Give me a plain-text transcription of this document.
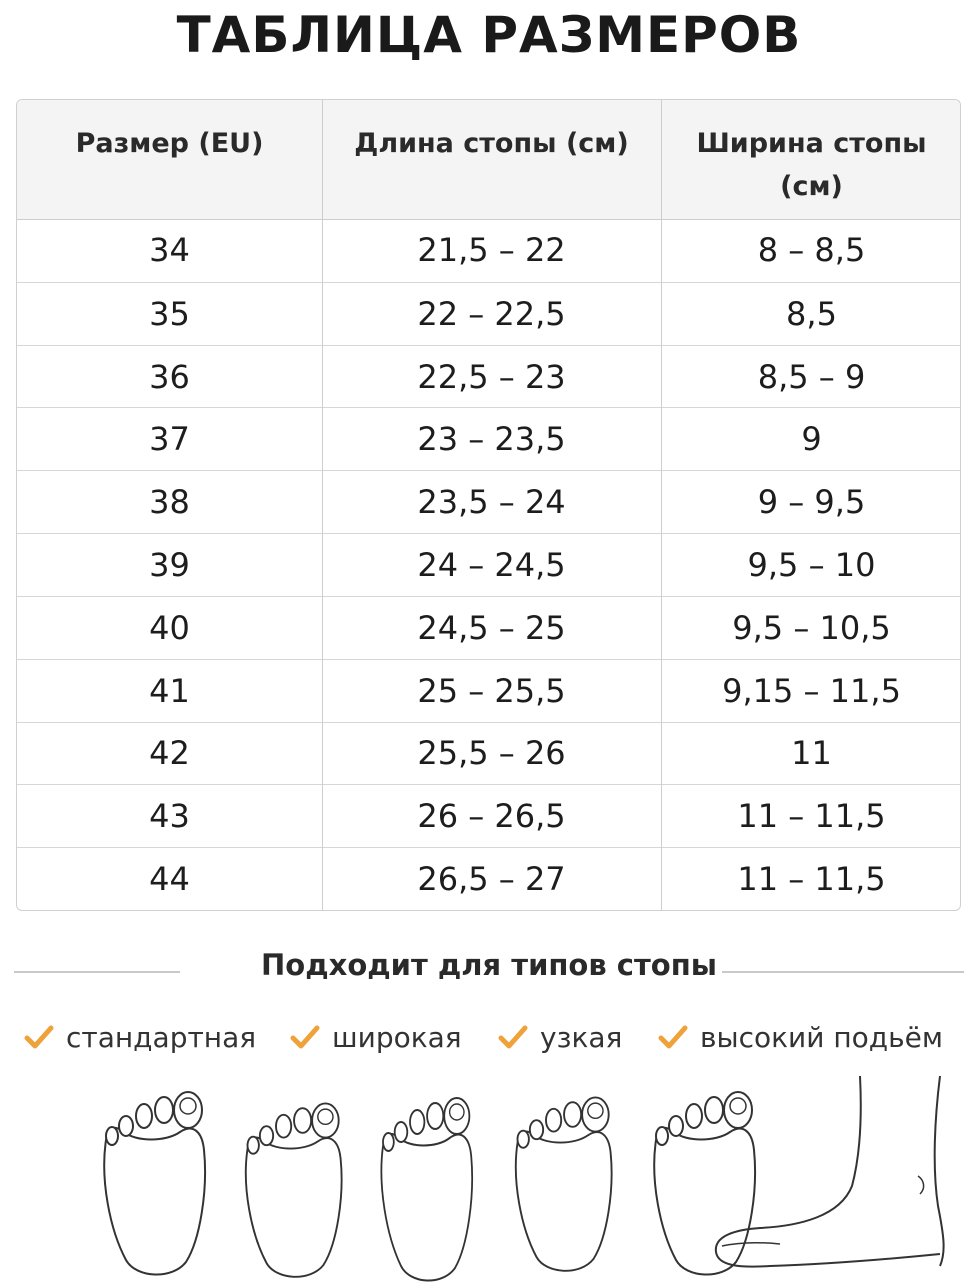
ТАБЛИЦА РАЗМЕРОВ
Размер (EU)	Длина стопы (см)	Ширина стопы
(см)
34	21,5 – 22	8 – 8,5
35	22 – 22,5	8,5
36	22,5 – 23	8,5 – 9
37	23 – 23,5	9
38	23,5 – 24	9 – 9,5
39	24 – 24,5	9,5 – 10
40	24,5 – 25	9,5 – 10,5
41	25 – 25,5	9,15 – 11,5
42	25,5 – 26	11
43	26 – 26,5	11 – 11,5
44	26,5 – 27	11 – 11,5
Подходит для типов стопы
стандартная	широкая	узкая	высокий подьём
